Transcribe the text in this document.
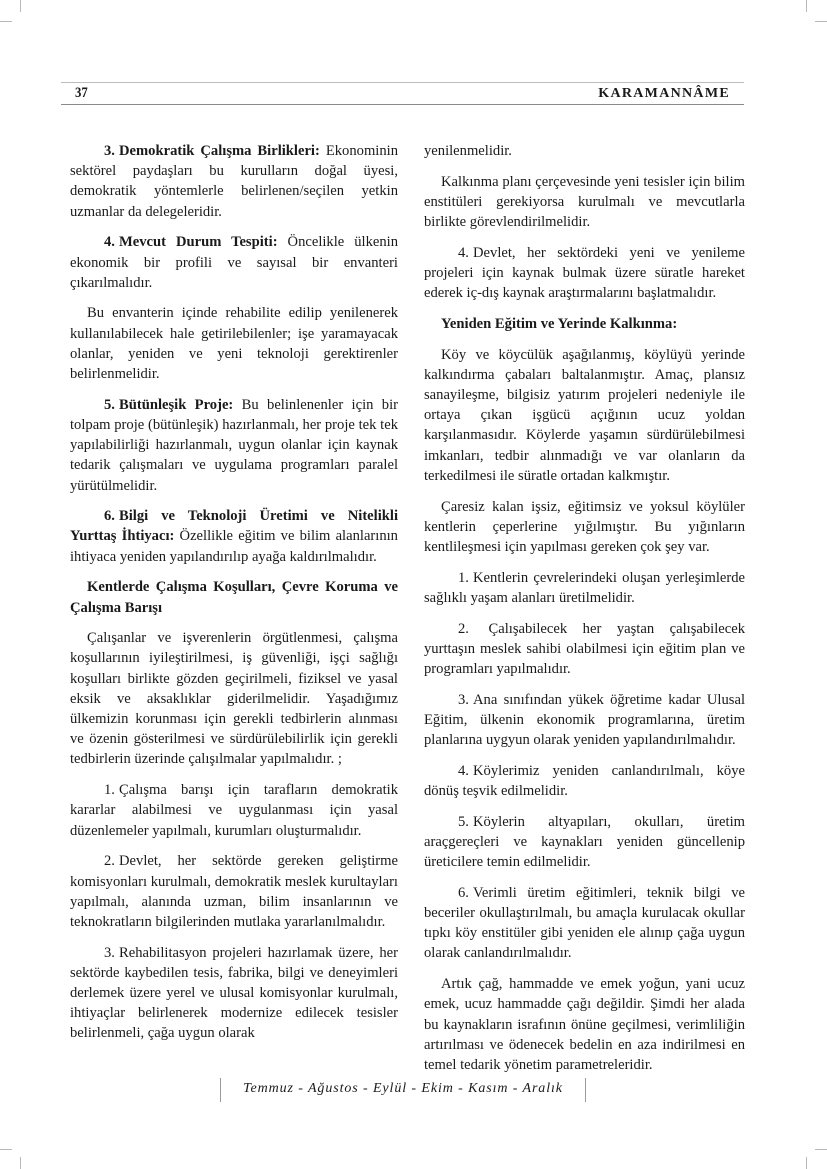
37	KARAMANNÂME

3. Demokratik Çalışma Birlikleri: Ekonominin sektörel paydaşları bu kurulların doğal üyesi, demokratik yöntemlerle belirlenen/seçilen yetkin uzmanlar da delegeleridir.

4. Mevcut Durum Tespiti: Öncelikle ülkenin ekonomik bir profili ve sayısal bir envanteri çıkarılmalıdır.

Bu envanterin içinde rehabilite edilip yenilenerek kullanılabilecek hale getirilebilenler; işe yaramayacak olanlar, yeniden ve yeni teknoloji gerektirenler belirlenmelidir.

5. Bütünleşik Proje: Bu belinlenenler için bir tolpam proje (bütünleşik) hazırlanmalı, her proje tek tek yapılabilirliği hazırlanmalı, uygun olanlar için kaynak tedarik çalışmaları ve uygulama programları paralel yürütülmelidir.

6. Bilgi ve Teknoloji Üretimi ve Nitelikli Yurttaş İhtiyacı: Özellikle eğitim ve bilim alanlarının ihtiyaca yeniden yapılandırılıp ayağa kaldırılmalıdır.

Kentlerde Çalışma Koşulları, Çevre Koruma ve Çalışma Barışı

Çalışanlar ve işverenlerin örgütlenmesi, çalışma koşullarının iyileştirilmesi, iş güvenliği, işçi sağlığı koşulları birlikte gözden geçirilmeli, fiziksel ve yasal eksik ve aksaklıklar giderilmelidir. Yaşadığımız ülkemizin korunması için gerekli tedbirlerin alınması ve özenin gösterilmesi ve sürdürülebilirlik için gerekli tedbirlerin üzerinde çalışılmalar yapılmalıdır. ;

1. Çalışma barışı için tarafların demokratik kararlar alabilmesi ve uygulanması için yasal düzenlemeler yapılmalı, kurumları oluşturmalıdır.

2. Devlet, her sektörde gereken geliştirme komisyonları kurulmalı, demokratik meslek kurultayları yapılmalı, alanında uzman, bilim insanlarının ve teknokratların bilgilerinden mutlaka yararlanılmalıdır.

3. Rehabilitasyon projeleri hazırlamak üzere, her sektörde kaybedilen tesis, fabrika, bilgi ve deneyimleri derlemek üzere yerel ve ulusal komisyonlar kurulmalı, ihtiyaçlar belirlenerek modernize edilecek tesisler belirlenmeli, çağa uygun olarak

yenilenmelidir.

Kalkınma planı çerçevesinde yeni tesisler için bilim enstitüleri gerekiyorsa kurulmalı ve mevcutlarla birlikte görevlendirilmelidir.

4. Devlet, her sektördeki yeni ve yenileme projeleri için kaynak bulmak üzere süratle hareket ederek iç-dış kaynak araştırmalarını başlatmalıdır.

Yeniden Eğitim ve Yerinde Kalkınma:

Köy ve köycülük aşağılanmış, köylüyü yerinde kalkındırma çabaları baltalanmıştır. Amaç, plansız sanayileşme, bilgisiz yatırım projeleri nedeniyle ile ortaya çıkan işgücü açığının ucuz yoldan karşılanmasıdır. Köylerde yaşamın sürdürülebilmesi imkanları, tedbir alınmadığı ve var olanların da terkedilmesi ile süratle ortadan kalkmıştır.

Çaresiz kalan işsiz, eğitimsiz ve yoksul köylüler kentlerin çeperlerine yığılmıştır. Bu yığınların kentlileşmesi için yapılması gereken çok şey var.

1. Kentlerin çevrelerindeki oluşan yerleşimlerde sağlıklı yaşam alanları üretilmelidir.

2. Çalışabilecek her yaştan çalışabilecek yurttaşın meslek sahibi olabilmesi için eğitim plan ve programları yapılmalıdır.

3. Ana sınıfından yükek öğretime kadar Ulusal Eğitim, ülkenin ekonomik programlarına, üretim planlarına uygyun olarak yeniden yapılandırılmalıdır.

4. Köylerimiz yeniden canlandırılmalı, köye dönüş teşvik edilmelidir.

5. Köylerin altyapıları, okulları, üretim araçgereçleri ve kaynakları yeniden güncellenip üreticilere temin edilmelidir.

6. Verimli üretim eğitimleri, teknik bilgi ve beceriler okullaştırılmalı, bu amaçla kurulacak okullar tıpkı köy enstitüler gibi yeniden ele alınıp çağa uygun olarak canlandırılmalıdır.

Artık çağ, hammadde ve emek yoğun, yani ucuz emek, ucuz hammadde çağı değildir. Şimdi her alada bu kaynakların israfının önüne geçilmesi, verimliliğin artırılması ve ödenecek bedelin en aza indirilmesi en temel tedarik yönetim parametreleridir.

Temmuz - Ağustos - Eylül - Ekim - Kasım - Aralık
